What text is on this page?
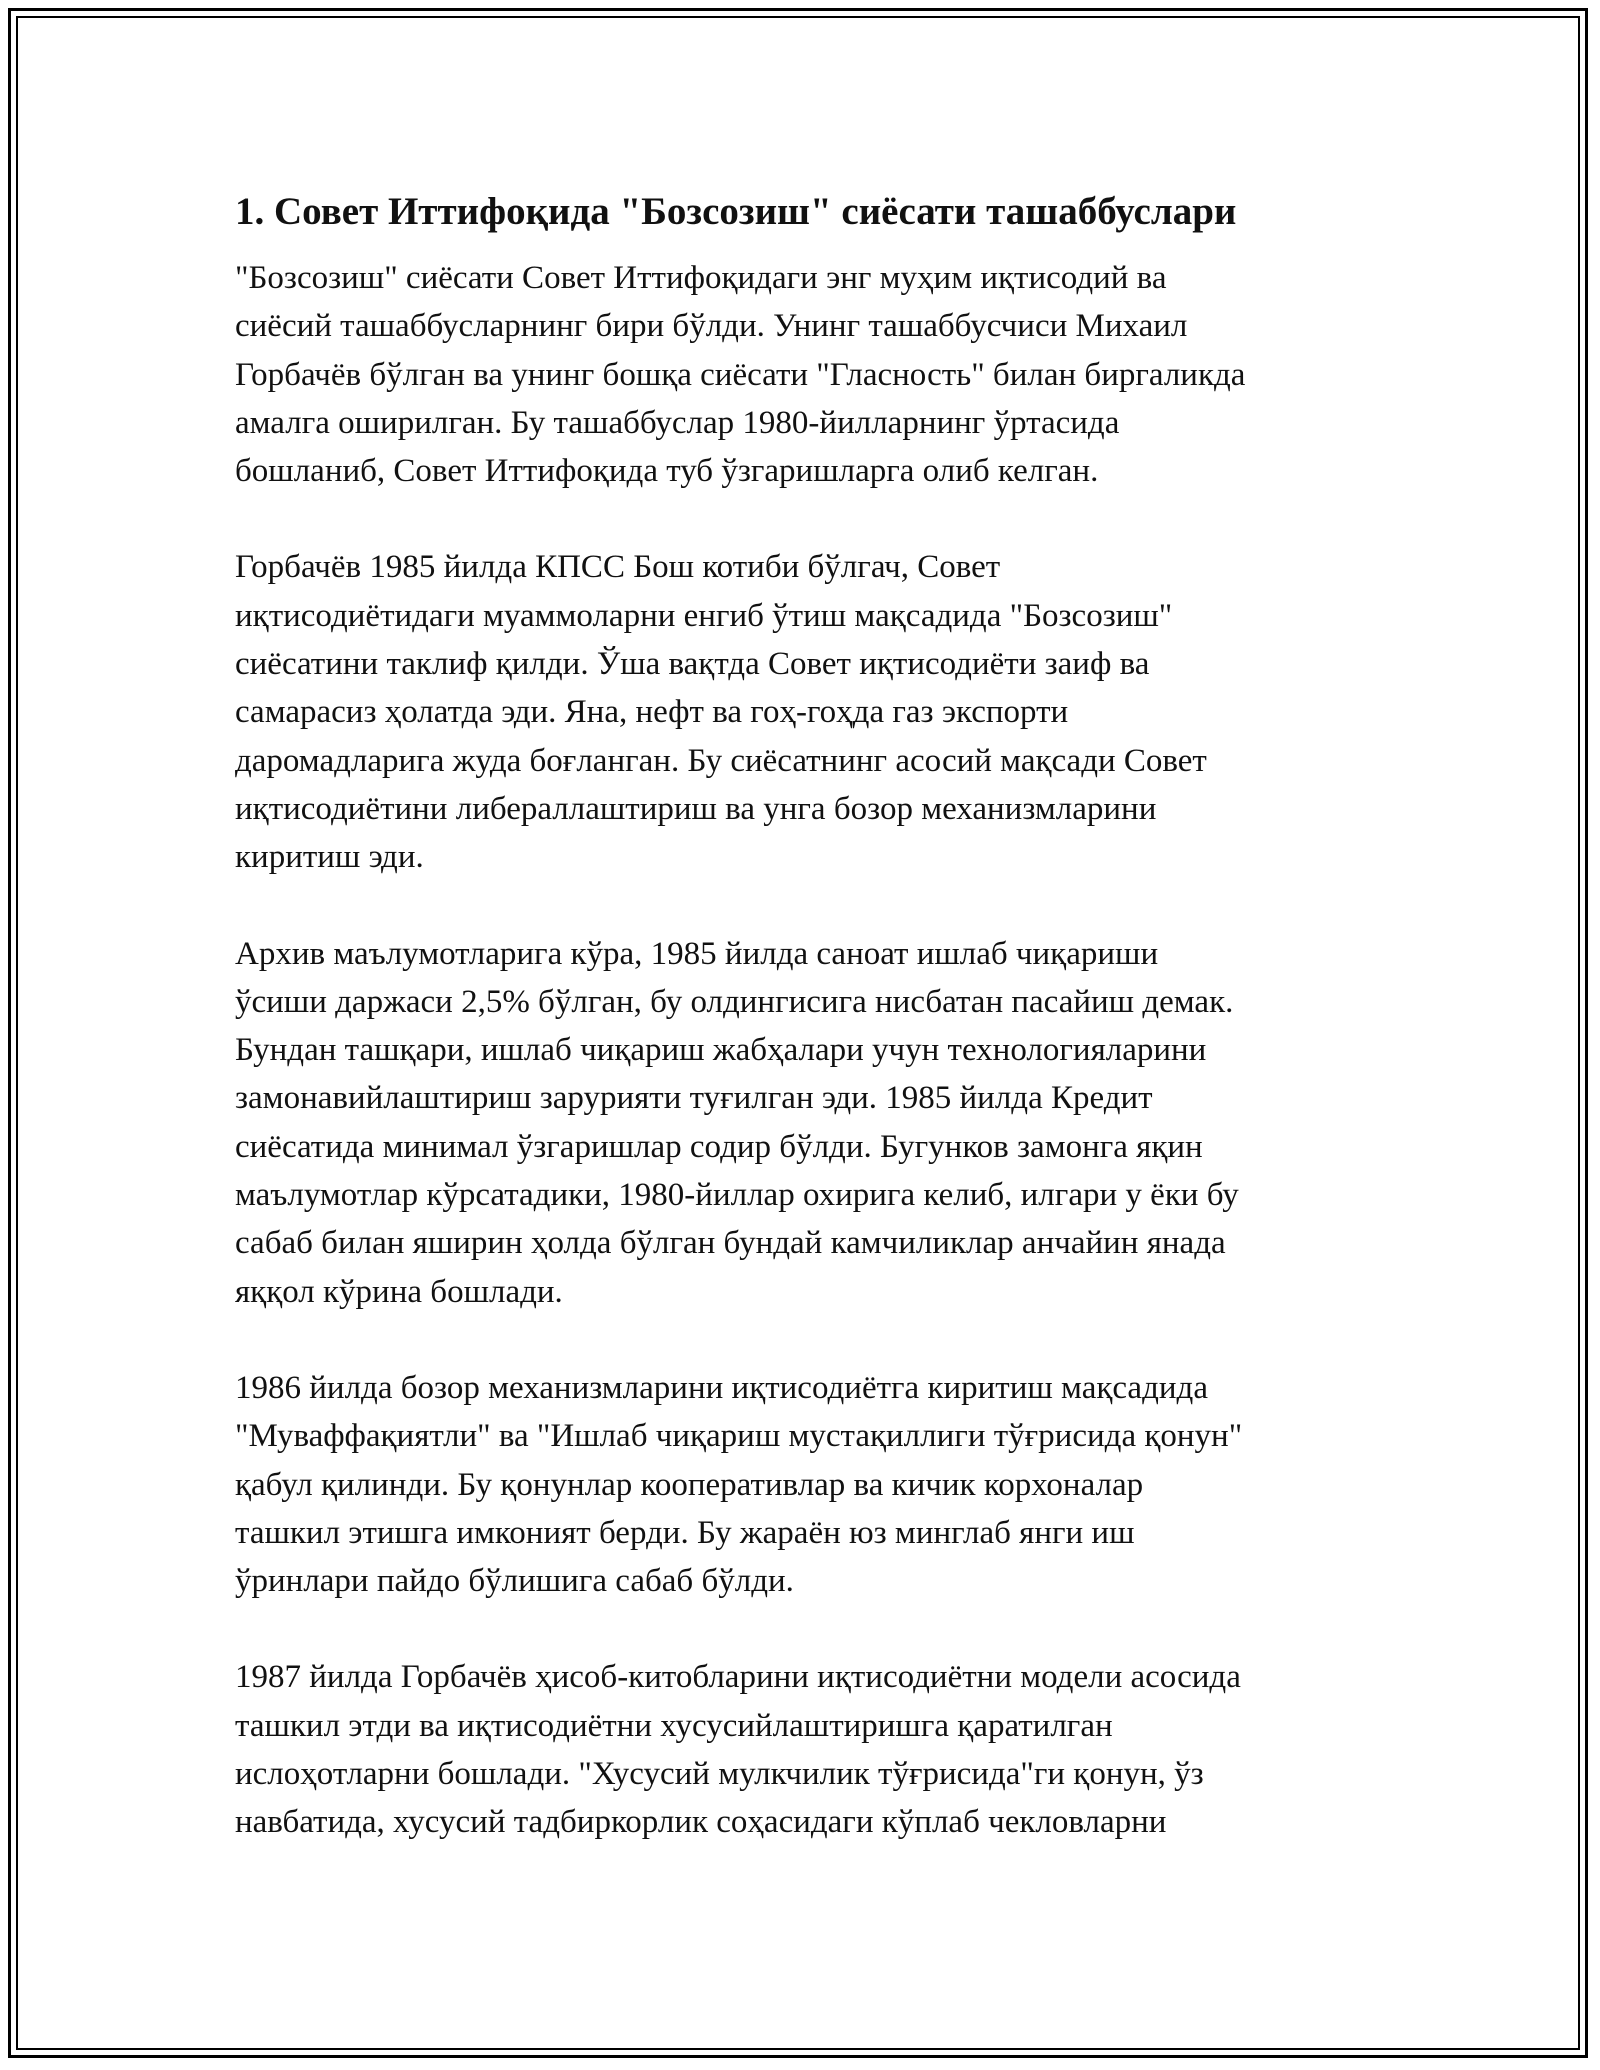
1. Совет Иттифоқида "Бозсозиш" сиёсати ташаббуслари
"Бозсозиш" сиёсати Совет Иттифоқидаги энг муҳим иқтисодий ва
сиёсий ташаббусларнинг бири бўлди. Унинг ташаббусчиси Михаил
Горбачёв бўлган ва унинг бошқа сиёсати "Гласность" билан биргаликда
амалга оширилган. Бу ташаббуслар 1980-йилларнинг ўртасида
бошланиб, Совет Иттифоқида туб ўзгаришларга олиб келган.
Горбачёв 1985 йилда КПСС Бош котиби бўлгач, Совет
иқтисодиётидаги муаммоларни енгиб ўтиш мақсадида "Бозсозиш"
сиёсатини таклиф қилди. Ўша вақтда Совет иқтисодиёти заиф ва
самарасиз ҳолатда эди. Яна, нефт ва гоҳ-гоҳда газ экспорти
даромадларига жуда боғланган. Бу сиёсатнинг асосий мақсади Совет
иқтисодиётини либераллаштириш ва унга бозор механизмларини
киритиш эди.
Архив маълумотларига кўра, 1985 йилда саноат ишлаб чиқариши
ўсиши даржаси 2,5% бўлган, бу олдингисига нисбатан пасайиш демак.
Бундан ташқари, ишлаб чиқариш жабҳалари учун технологияларини
замонавийлаштириш зарурияти туғилган эди. 1985 йилда Кредит
сиёсатида минимал ўзгаришлар содир бўлди. Бугунков замонга яқин
маълумотлар кўрсатадики, 1980-йиллар охирига келиб, илгари у ёки бу
сабаб билан яширин ҳолда бўлган бундай камчиликлар анчайин янада
яққол кўрина бошлади.
1986 йилда бозор механизмларини иқтисодиётга киритиш мақсадида
"Муваффақиятли" ва "Ишлаб чиқариш мустақиллиги тўғрисида қонун"
қабул қилинди. Бу қонунлар кооперативлар ва кичик корхоналар
ташкил этишга имконият берди. Бу жараён юз минглаб янги иш
ўринлари пайдо бўлишига сабаб бўлди.
1987 йилда Горбачёв ҳисоб-китобларини иқтисодиётни модели асосида
ташкил этди ва иқтисодиётни хусусийлаштиришга қаратилган
ислоҳотларни бошлади. "Хусусий мулкчилик тўғрисида"ги қонун, ўз
навбатида, хусусий тадбиркорлик соҳасидаги кўплаб чекловларни
